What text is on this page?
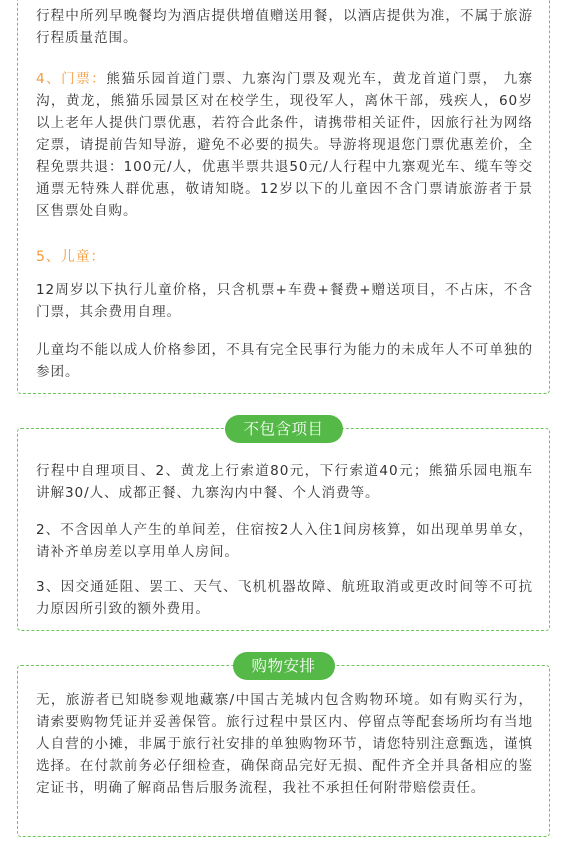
行程中所列早晚餐均为酒店提供增值赠送用餐，以酒店提供为准，不属于旅游行程质量范围。

4、门票：熊猫乐园首道门票、九寨沟门票及观光车，黄龙首道门票， 九寨沟，黄龙，熊猫乐园景区对在校学生，现役军人，离休干部，残疾人，60岁以上老年人提供门票优惠，若符合此条件，请携带相关证件，因旅行社为网络定票，请提前告知导游，避免不必要的损失。导游将现退您门票优惠差价，全程免票共退：100元/人，优惠半票共退50元/人行程中九寨观光车、缆车等交通票无特殊人群优惠，敬请知晓。12岁以下的儿童因不含门票请旅游者于景区售票处自购。

5、儿童：

12周岁以下执行儿童价格，只含机票+车费+餐费+赠送项目，不占床，不含门票，其余费用自理。

儿童均不能以成人价格参团，不具有完全民事行为能力的未成年人不可单独的参团。

不包含项目

行程中自理项目、2、黄龙上行索道80元，下行索道40元；熊猫乐园电瓶车讲解30/人、成都正餐、九寨沟内中餐、个人消费等。

2、不含因单人产生的单间差，住宿按2人入住1间房核算，如出现单男单女，请补齐单房差以享用单人房间。

3、因交通延阻、罢工、天气、飞机机器故障、航班取消或更改时间等不可抗力原因所引致的额外费用。

购物安排

无，旅游者已知晓参观地藏寨/中国古羌城内包含购物环境。如有购买行为，请索要购物凭证并妥善保管。旅行过程中景区内、停留点等配套场所均有当地人自营的小摊，非属于旅行社安排的单独购物环节，请您特别注意甄选，谨慎选择。在付款前务必仔细检查，确保商品完好无损、配件齐全并具备相应的鉴定证书，明确了解商品售后服务流程，我社不承担任何附带赔偿责任。
